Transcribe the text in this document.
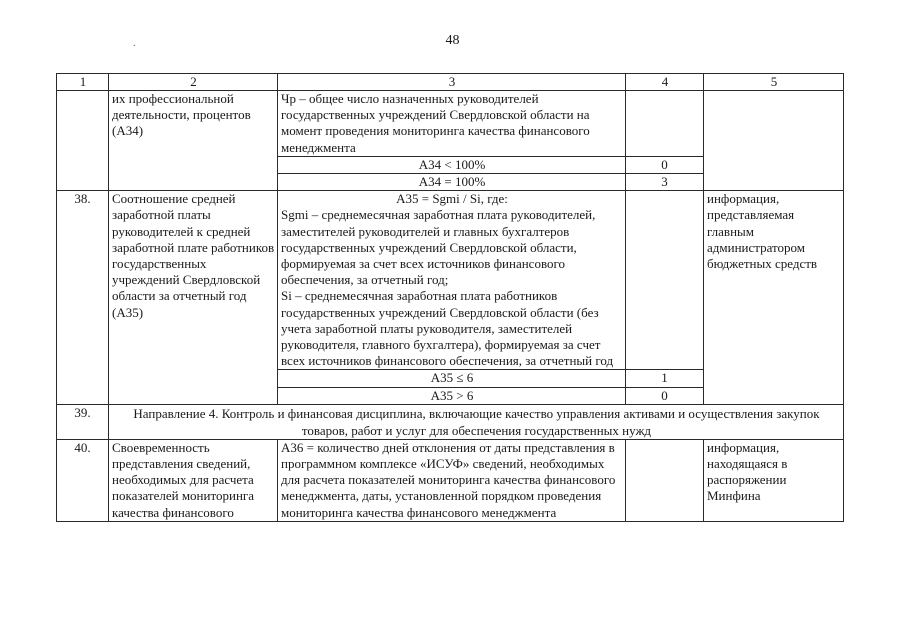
48
.
1	2	3	4	5
	их профессиональной деятельности, процентов (А34)	Чр – общее число назначенных руководителей государственных учреждений Свердловской области на момент проведения мониторинга качества финансового менеджмента		
		А34 < 100%	0	
		А34 = 100%	3	
38.	Соотношение средней заработной платы руководителей к средней заработной плате работников государственных учреждений Свердловской области за отчетный год (А35)	А35 = Sgmi / Si, где:
Sgmi – среднемесячная заработная плата руководителей, заместителей руководителей и главных бухгалтеров государственных учреждений Свердловской области, формируемая за счет всех источников финансового обеспечения, за отчетный год;
Si – среднемесячная заработная плата работников государственных учреждений Свердловской области (без учета заработной платы руководителя, заместителей руководителя, главного бухгалтера), формируемая за счет всех источников финансового обеспечения, за отчетный год		информация, представляемая главным администратором бюджетных средств
		А35 ≤ 6	1	
		А35 > 6	0	
39.	Направление 4. Контроль и финансовая дисциплина, включающие качество управления активами и осуществления закупок товаров, работ и услуг для обеспечения государственных нужд			
40.	Своевременность представления сведений, необходимых для расчета показателей мониторинга качества финансового	А36 = количество дней отклонения от даты представления в программном комплексе «ИСУФ» сведений, необходимых для расчета показателей мониторинга качества финансового менеджмента, даты, установленной порядком проведения мониторинга качества финансового менеджмента		информация, находящаяся в распоряжении Минфина
